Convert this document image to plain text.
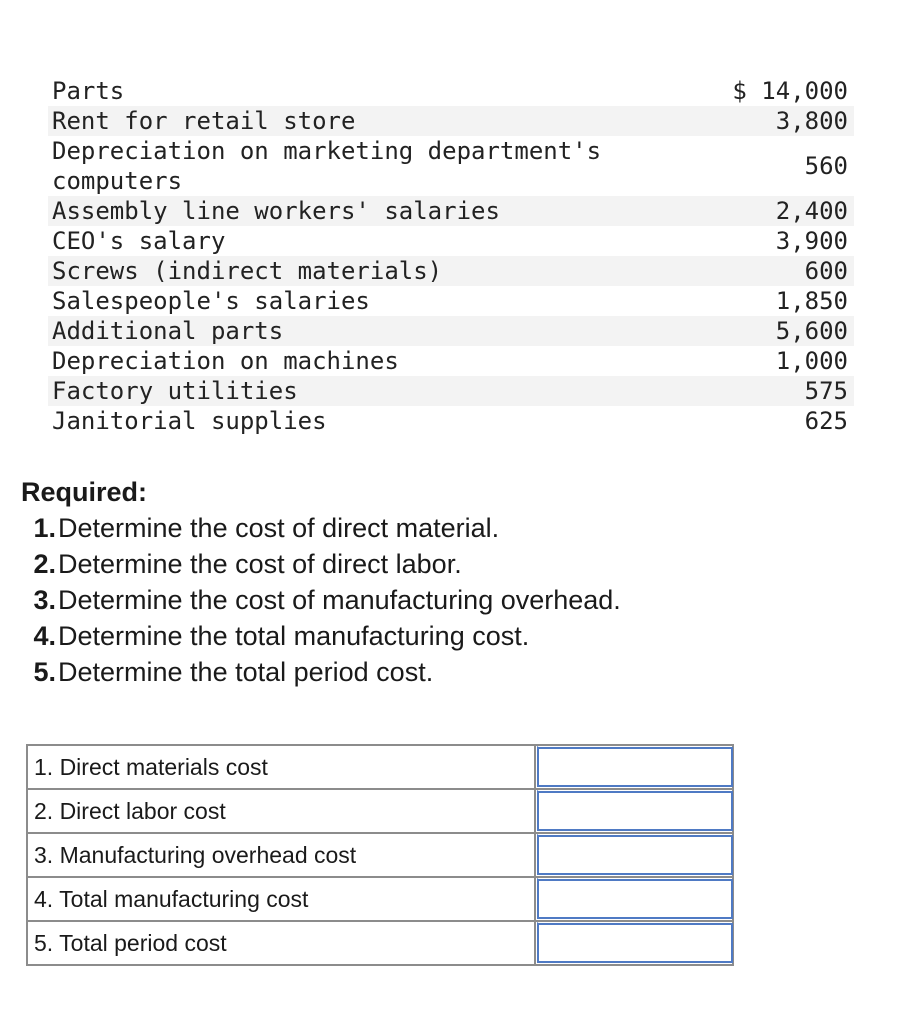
Parts	$ 14,000
Rent for retail store	3,800
Depreciation on marketing department's computers	560
Assembly line workers' salaries	2,400
CEO's salary	3,900
Screws (indirect materials)	600
Salespeople's salaries	1,850
Additional parts	5,600
Depreciation on machines	1,000
Factory utilities	575
Janitorial supplies	625
Required:
1. Determine the cost of direct material.
2. Determine the cost of direct labor.
3. Determine the cost of manufacturing overhead.
4. Determine the total manufacturing cost.
5. Determine the total period cost.
1. Direct materials cost	

2. Direct labor cost	

3. Manufacturing overhead cost	

4. Total manufacturing cost	

5. Total period cost	
